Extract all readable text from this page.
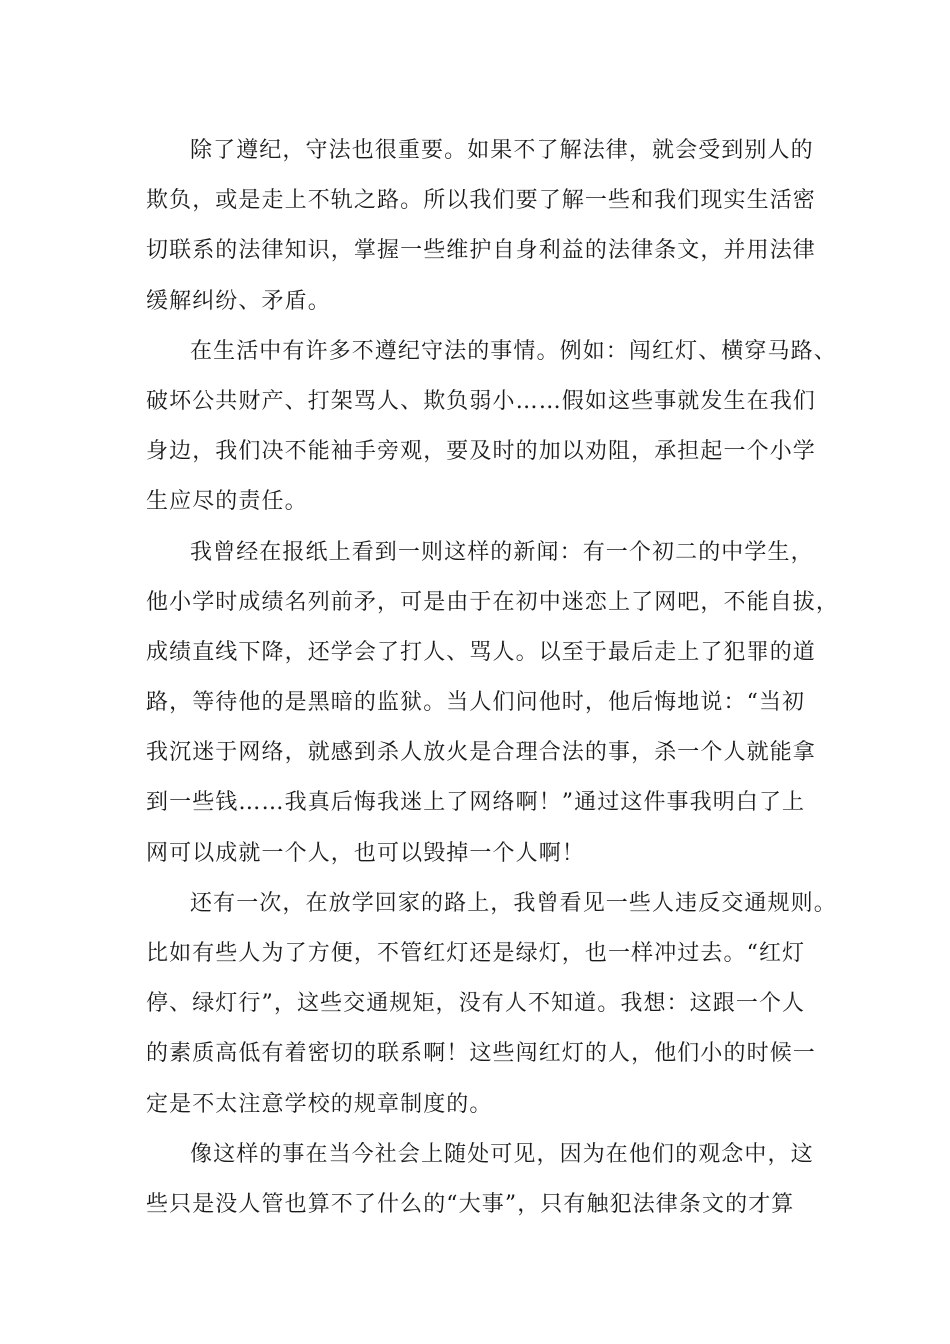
除了遵纪，守法也很重要。如果不了解法律，就会受到别人的
欺负，或是走上不轨之路。所以我们要了解一些和我们现实生活密
切联系的法律知识，掌握一些维护自身利益的法律条文，并用法律
缓解纠纷、矛盾。
在生活中有许多不遵纪守法的事情。例如：闯红灯、横穿马路、
破坏公共财产、打架骂人、欺负弱小……假如这些事就发生在我们
身边，我们决不能袖手旁观，要及时的加以劝阻，承担起一个小学
生应尽的责任。
我曾经在报纸上看到一则这样的新闻：有一个初二的中学生，
他小学时成绩名列前矛，可是由于在初中迷恋上了网吧，不能自拔，
成绩直线下降，还学会了打人、骂人。以至于最后走上了犯罪的道
路，等待他的是黑暗的监狱。当人们问他时，他后悔地说：“当初
我沉迷于网络，就感到杀人放火是合理合法的事，杀一个人就能拿
到一些钱……我真后悔我迷上了网络啊！”通过这件事我明白了上
网可以成就一个人，也可以毁掉一个人啊！
还有一次，在放学回家的路上，我曾看见一些人违反交通规则。
比如有些人为了方便，不管红灯还是绿灯，也一样冲过去。“红灯
停、绿灯行”，这些交通规矩，没有人不知道。我想：这跟一个人
的素质高低有着密切的联系啊！这些闯红灯的人，他们小的时候一
定是不太注意学校的规章制度的。
像这样的事在当今社会上随处可见，因为在他们的观念中，这
些只是没人管也算不了什么的“大事”，只有触犯法律条文的才算
